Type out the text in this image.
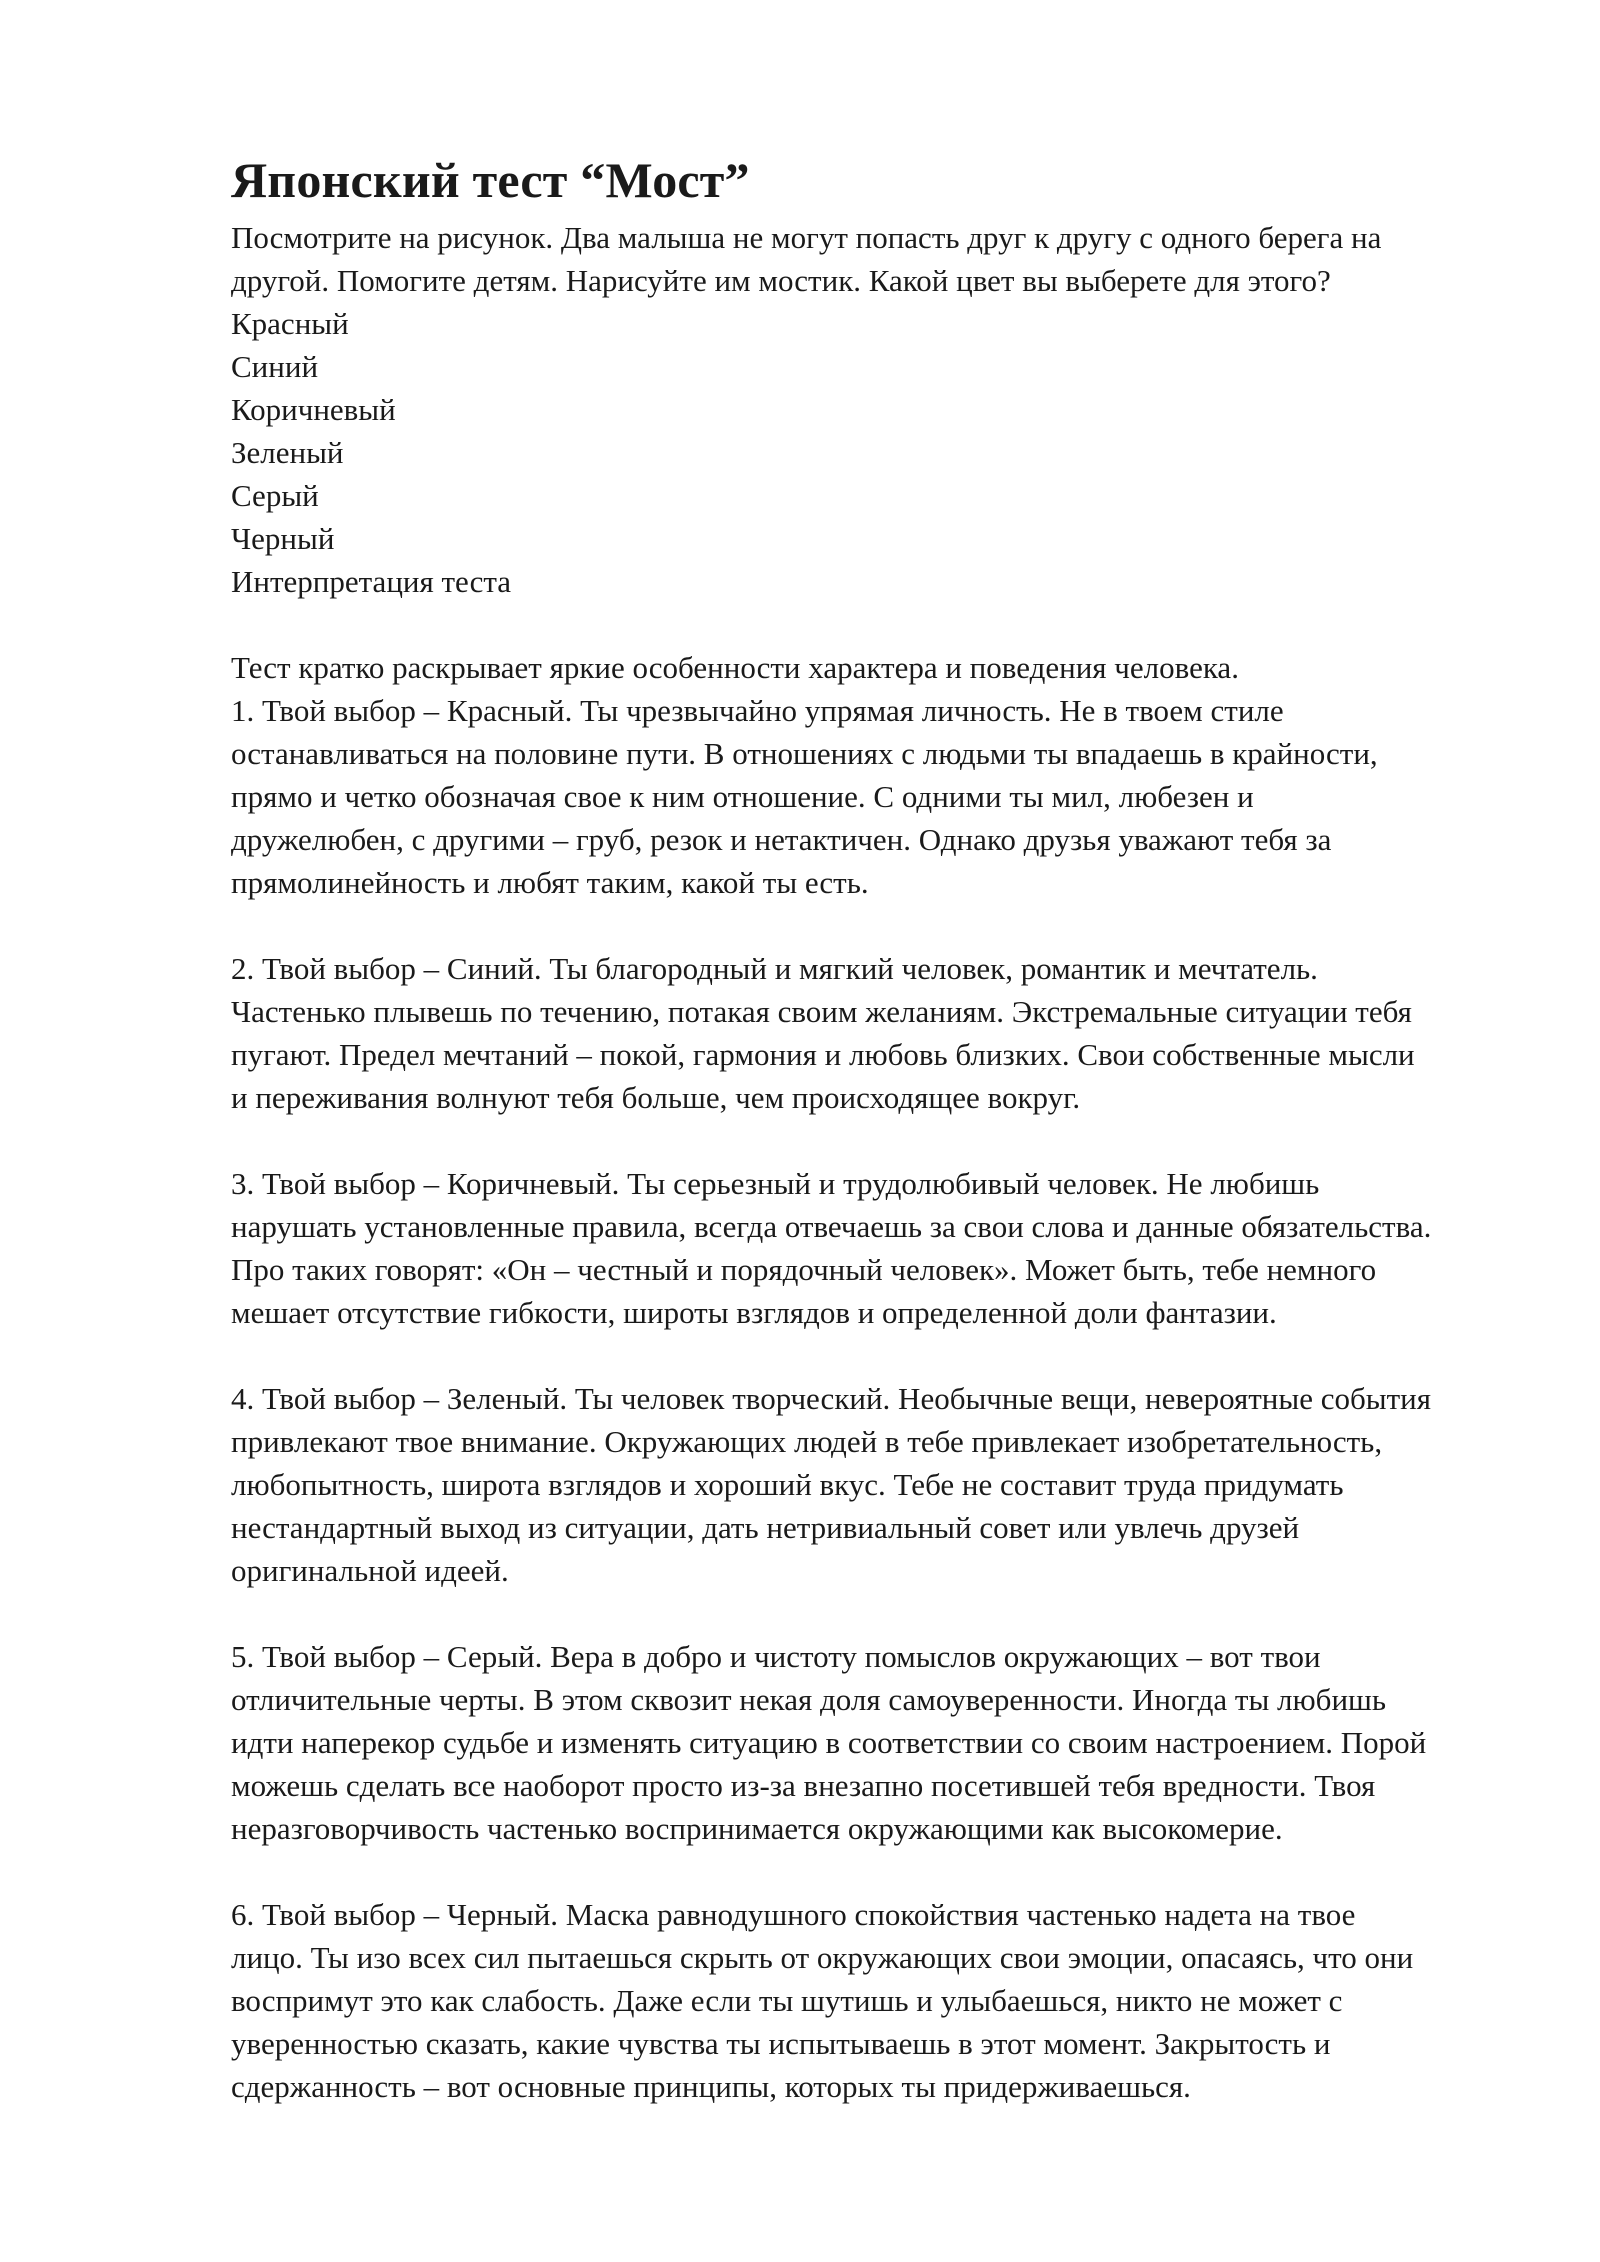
Японский тест “Мост”

Посмотрите на рисунок. Два малыша не могут попасть друг к другу с одного берега на

другой. Помогите детям. Нарисуйте им мостик. Какой цвет вы выберете для этого?

Красный

Синий

Коричневый

Зеленый

Серый

Черный

Интерпретация теста

Тест кратко раскрывает яркие особенности характера и поведения человека.

1. Твой выбор – Красный. Ты чрезвычайно упрямая личность. Не в твоем стиле

останавливаться на половине пути. В отношениях с людьми ты впадаешь в крайности,

прямо и четко обозначая свое к ним отношение. С одними ты мил, любезен и

дружелюбен, с другими – груб, резок и нетактичен. Однако друзья уважают тебя за

прямолинейность и любят таким, какой ты есть.

2. Твой выбор – Синий. Ты благородный и мягкий человек, романтик и мечтатель.

Частенько плывешь по течению, потакая своим желаниям. Экстремальные ситуации тебя

пугают. Предел мечтаний – покой, гармония и любовь близких. Свои собственные мысли

и переживания волнуют тебя больше, чем происходящее вокруг.

3. Твой выбор – Коричневый. Ты серьезный и трудолюбивый человек. Не любишь

нарушать установленные правила, всегда отвечаешь за свои слова и данные обязательства.

Про таких говорят: «Он – честный и порядочный человек». Может быть, тебе немного

мешает отсутствие гибкости, широты взглядов и определенной доли фантазии.

4. Твой выбор – Зеленый. Ты человек творческий. Необычные вещи, невероятные события

привлекают твое внимание. Окружающих людей в тебе привлекает изобретательность,

любопытность, широта взглядов и хороший вкус. Тебе не составит труда придумать

нестандартный выход из ситуации, дать нетривиальный совет или увлечь друзей

оригинальной идеей.

5. Твой выбор – Серый. Вера в добро и чистоту помыслов окружающих – вот твои

отличительные черты. В этом сквозит некая доля самоуверенности. Иногда ты любишь

идти наперекор судьбе и изменять ситуацию в соответствии со своим настроением. Порой

можешь сделать все наоборот просто из-за внезапно посетившей тебя вредности. Твоя

неразговорчивость частенько воспринимается окружающими как высокомерие.

6. Твой выбор – Черный. Маска равнодушного спокойствия частенько надета на твое

лицо. Ты изо всех сил пытаешься скрыть от окружающих свои эмоции, опасаясь, что они

воспримут это как слабость. Даже если ты шутишь и улыбаешься, никто не может с

уверенностью сказать, какие чувства ты испытываешь в этот момент. Закрытость и

сдержанность – вот основные принципы, которых ты придерживаешься.
